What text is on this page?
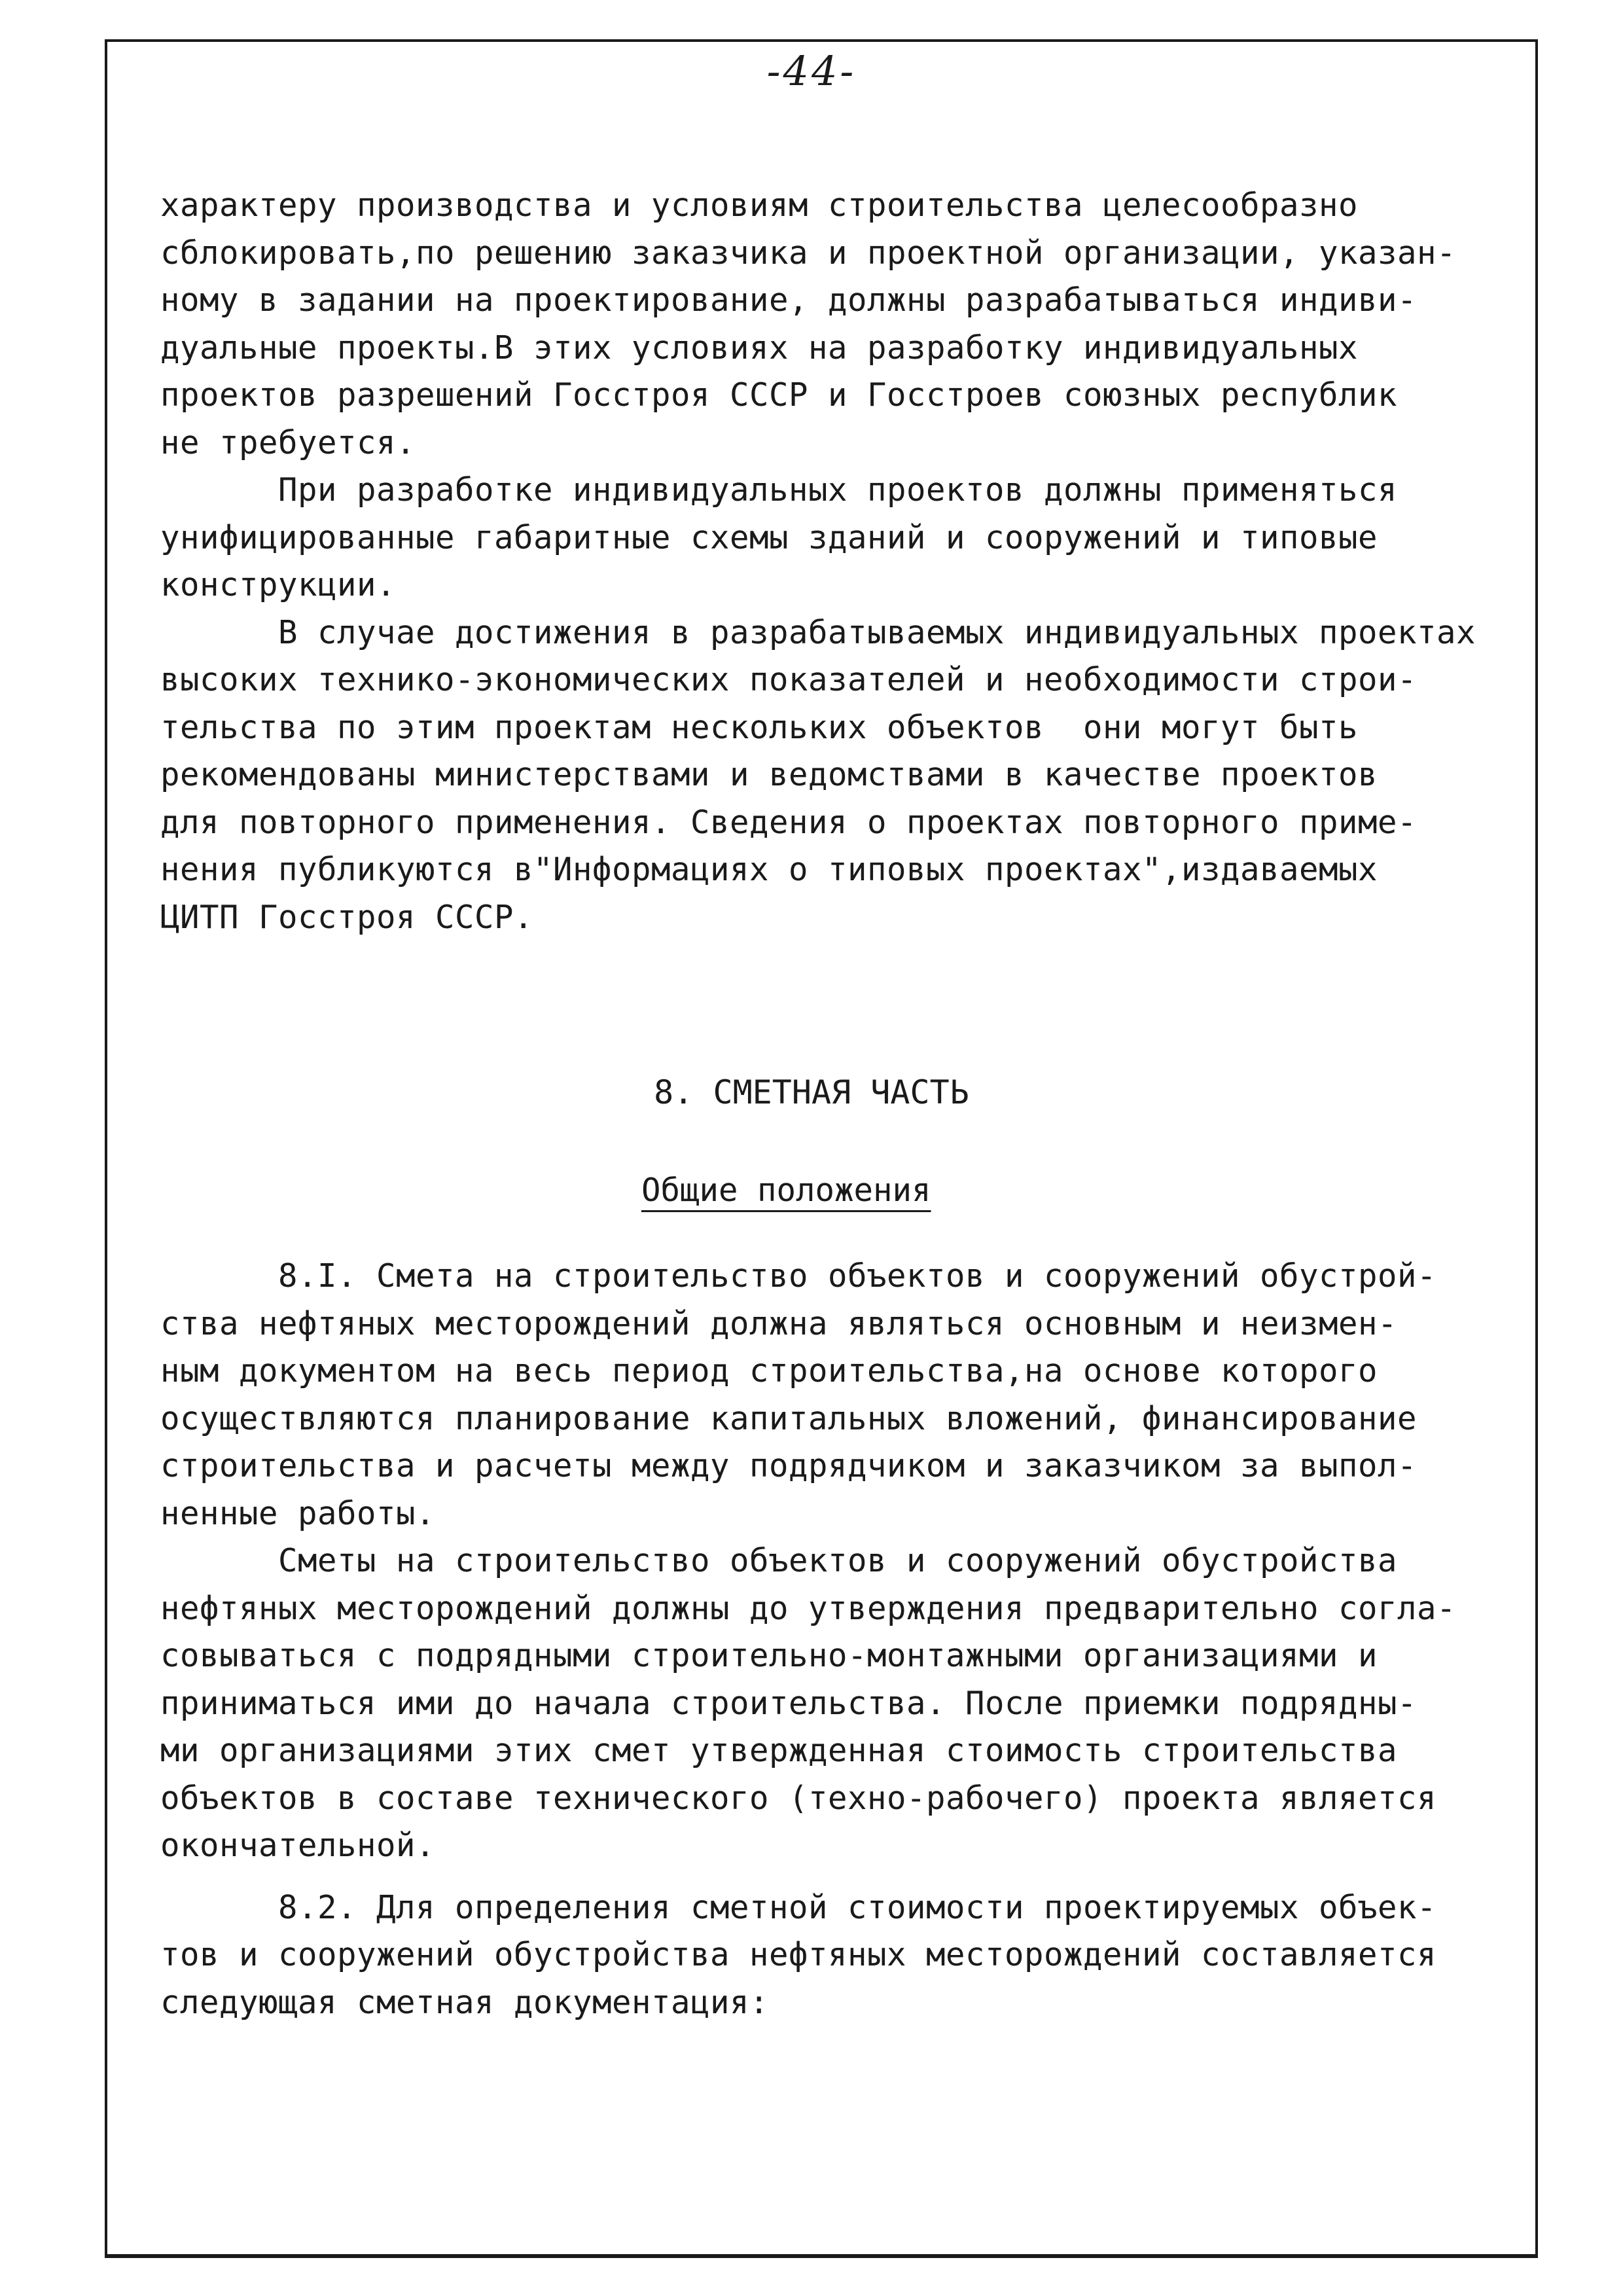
-44-
характеру производства и условиям строительства целесообразно
сблокировать,по решению заказчика и проектной организации, указан-
ному в задании на проектирование, должны разрабатываться индиви-
дуальные проекты.В этих условиях на разработку индивидуальных
проектов разрешений Госстроя СССР и Госстроев союзных республик
не требуется.
При разработке индивидуальных проектов должны применяться
унифицированные габаритные схемы зданий и сооружений и типовые
конструкции.
В случае достижения в разрабатываемых индивидуальных проектах
высоких технико-экономических показателей и необходимости строи-
тельства по этим проектам нескольких объектов  они могут быть
рекомендованы министерствами и ведомствами в качестве проектов
для повторного применения. Сведения о проектах повторного приме-
нения публикуются в"Информациях о типовых проектах",издаваемых
ЦИТП Госстроя СССР.
8. СМЕТНАЯ ЧАСТЬ
Общие положения
8.I. Смета на строительство объектов и сооружений обустрой-
ства нефтяных месторождений должна являться основным и неизмен-
ным документом на весь период строительства,на основе которого
осуществляются планирование капитальных вложений, финансирование
строительства и расчеты между подрядчиком и заказчиком за выпол-
ненные работы.
Сметы на строительство объектов и сооружений обустройства
нефтяных месторождений должны до утверждения предварительно согла-
совываться с подрядными строительно-монтажными организациями и
приниматься ими до начала строительства. После приемки подрядны-
ми организациями этих смет утвержденная стоимость строительства
объектов в составе технического (техно-рабочего) проекта является
окончательной.
8.2. Для определения сметной стоимости проектируемых объек-
тов и сооружений обустройства нефтяных месторождений составляется
следующая сметная документация:
